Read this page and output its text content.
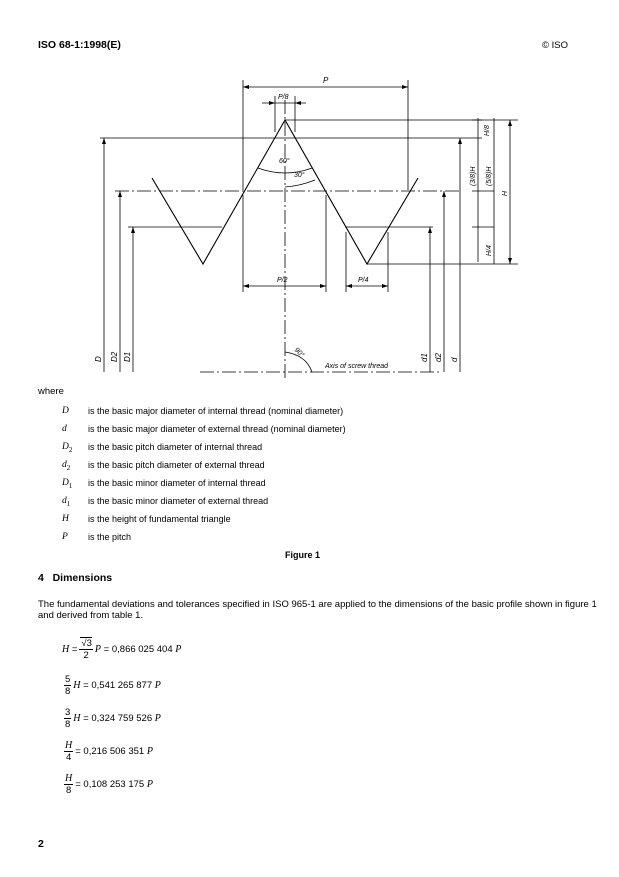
ISO 68-1:1998(E)	© ISO
P
P/8
60°
30°
P/2	P/4
90°
Axis of screw thread
H/8
(3/8)H (5/8)H
H
H/4
D D2 D1	d1 d2 d
where
D is the basic major diameter of internal thread (nominal diameter)
d is the basic major diameter of external thread (nominal diameter)
$D_2$ is the basic pitch diameter of internal thread
$d_2$ is the basic pitch diameter of external thread
$D_1$ is the basic minor diameter of internal thread
$d_1$ is the basic minor diameter of external thread
H is the height of fundamental triangle
P is the pitch
Figure 1
4   Dimensions
The fundamental deviations and tolerances specified in ISO 965-1 are applied to the dimensions of the basic profile shown in figure 1 and derived from table 1.
$H = \frac{√3}{2}$ P
= 0,866 025 404
P
$\frac{5}{8}$ H
= 0,541 265 877
P
$\frac{3}{8}$ H
= 0,324 759 526
P
$\frac{H}{4} = 0,216$ 506 351
P
$\frac{H}{8} = 0,108$ 253 175
P
2
